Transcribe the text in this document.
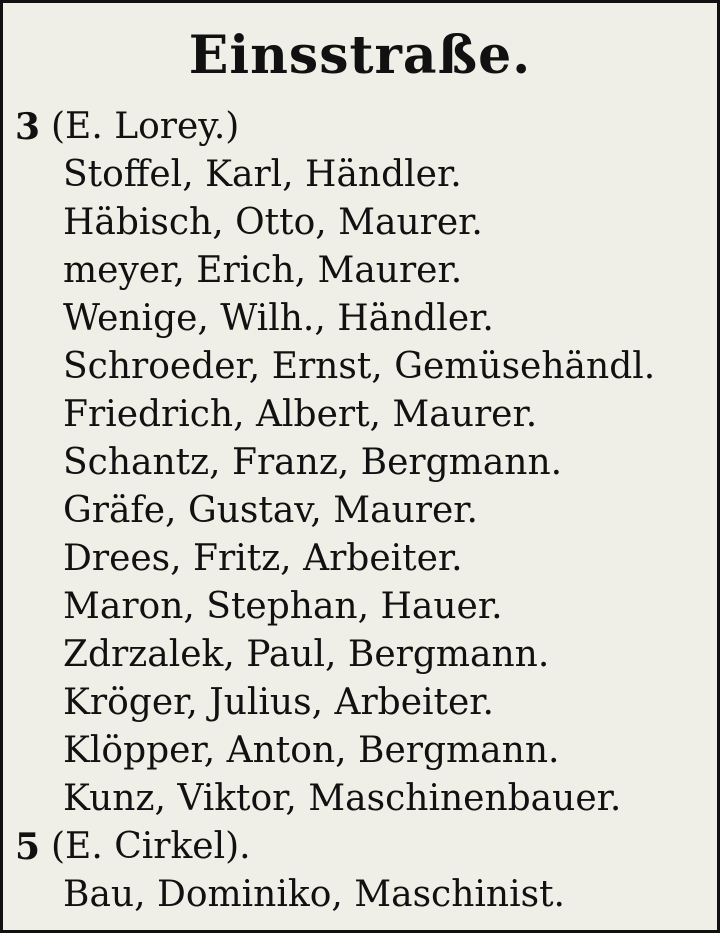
Einsstraße.
3 (E. Lorey.)
Stoffel, Karl, Händler.
Häbisch, Otto, Maurer.
meyer, Erich, Maurer.
Wenige, Wilh., Händler.
Schroeder, Ernst, Gemüsehändl.
Friedrich, Albert, Maurer.
Schantz, Franz, Bergmann.
Gräfe, Gustav, Maurer.
Drees, Fritz, Arbeiter.
Maron, Stephan, Hauer.
Zdrzalek, Paul, Bergmann.
Kröger, Julius, Arbeiter.
Klöpper, Anton, Bergmann.
Kunz, Viktor, Maschinenbauer.
5 (E. Cirkel).
Bau, Dominiko, Maschinist.
